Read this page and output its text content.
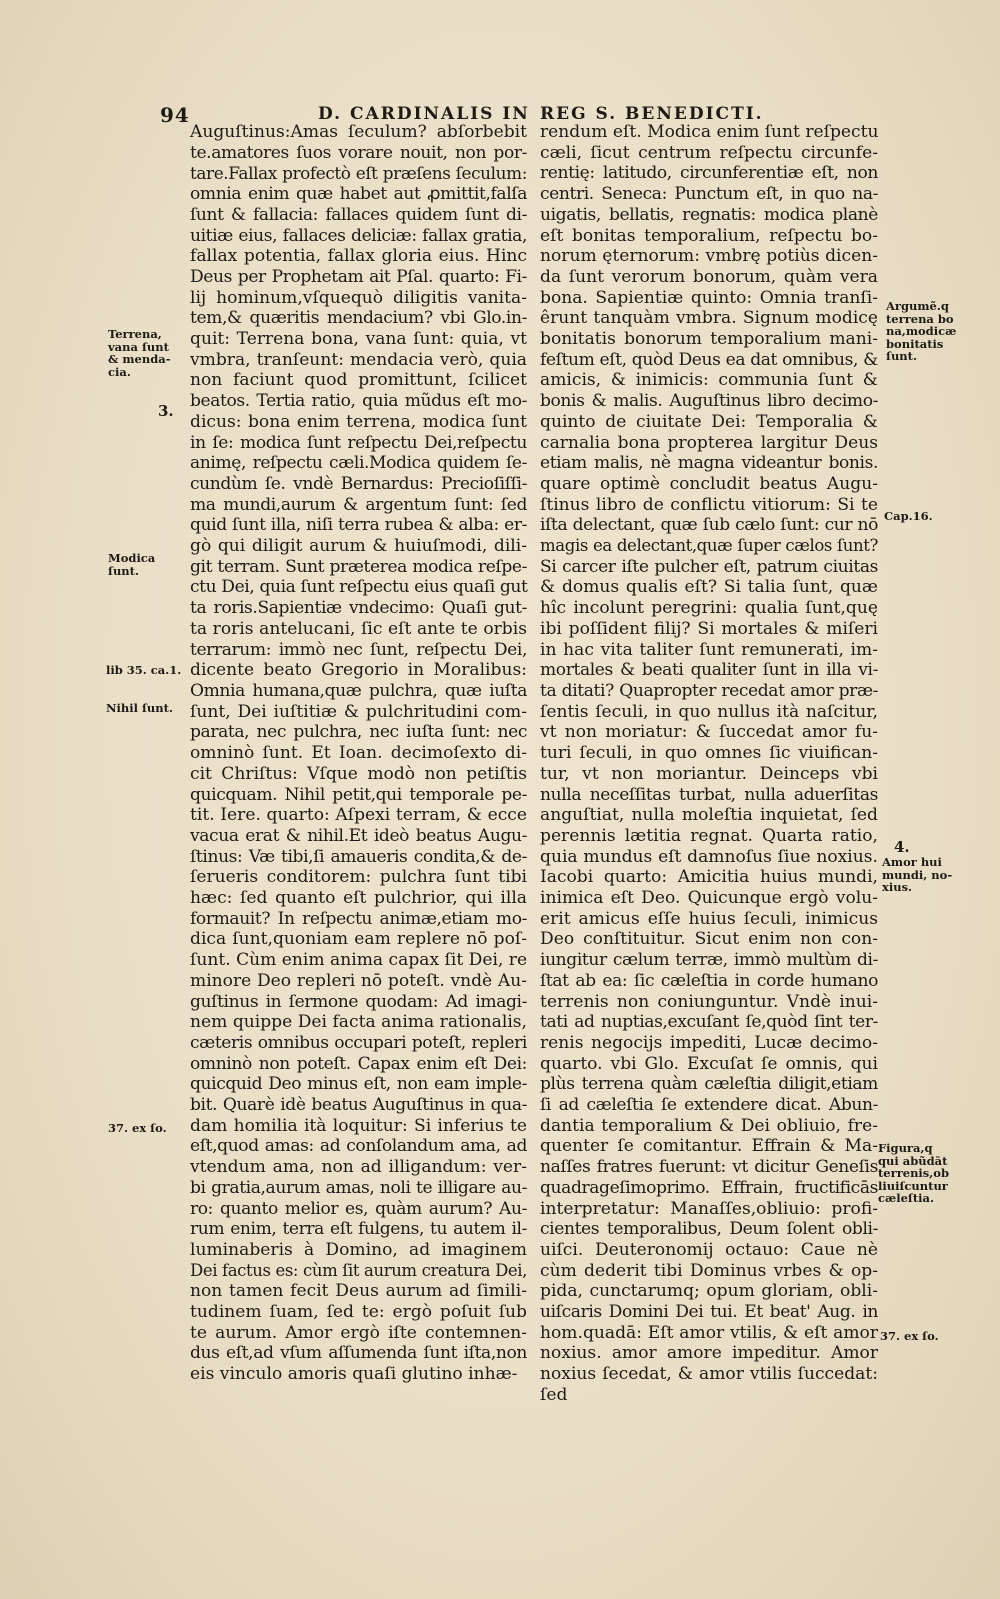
94	D. CARDINALIS IN REG S. BENEDICTI.
Auguſtinus:Amas ſeculum? abſorbebit
te.amatores ſuos vorare nouit, non por-
tare.Fallax profectò eſt præſens ſeculum:
omnia enim quæ habet aut ꝓmittit,falſa
ſunt & fallacia: fallaces quidem ſunt di-
uitiæ eius, fallaces deliciæ: fallax gratia,
fallax potentia, fallax gloria eius. Hinc
Deus per Prophetam ait Pſal. quarto: Fi-
lij hominum,vſquequò diligitis vanita-
tem,& quæritis mendacium? vbi Glo.in-
quit: Terrena bona, vana ſunt: quia, vt
vmbra, tranſeunt: mendacia verò, quia
non faciunt quod promittunt, ſcilicet
beatos. Tertia ratio, quia mũdus eſt mo-
dicus: bona enim terrena, modica ſunt
in ſe: modica ſunt reſpectu Dei,reſpectu
animę, reſpectu cæli.Modica quidem ſe-
cundùm ſe. vndè Bernardus: Precioſiſſi-
ma mundi,aurum & argentum ſunt: ſed
quid ſunt illa, niſi terra rubea & alba: er-
gò qui diligit aurum & huiuſmodi, dili-
git terram. Sunt præterea modica reſpe-
ctu Dei, quia ſunt reſpectu eius quaſi gut
ta roris.Sapientiæ vndecimo: Quaſi gut-
ta roris antelucani, ſic eſt ante te orbis
terrarum: immò nec ſunt, reſpectu Dei,
dicente beato Gregorio in Moralibus:
Omnia humana,quæ pulchra, quæ iuſta
ſunt, Dei iuſtitiæ & pulchritudini com-
parata, nec pulchra, nec iuſta ſunt: nec
omninò ſunt. Et Ioan. decimoſexto di-
cit Chriſtus: Vſque modò non petiſtis
quicquam. Nihil petit,qui temporale pe-
tit. Iere. quarto: Aſpexi terram, & ecce
vacua erat & nihil.Et ideò beatus Augu-
ſtinus: Væ tibi,ſi amaueris condita,& de-
ſerueris conditorem: pulchra ſunt tibi
hæc: ſed quanto eſt pulchrior, qui illa
formauit? In reſpectu animæ,etiam mo-
dica ſunt,quoniam eam replere nō poſ-
ſunt. Cùm enim anima capax ſit Dei, re
minore Deo repleri nō poteſt. vndè Au-
guſtinus in ſermone quodam: Ad imagi-
nem quippe Dei facta anima rationalis,
cæteris omnibus occupari poteſt, repleri
omninò non poteſt. Capax enim eſt Dei:
quicquid Deo minus eſt, non eam imple-
bit. Quarè idè beatus Auguſtinus in qua-
dam homilia ità loquitur: Si inferius te
eſt,quod amas: ad conſolandum ama, ad
vtendum ama, non ad illigandum: ver-
bi gratia,aurum amas, noli te illigare au-
ro: quanto melior es, quàm aurum? Au-
rum enim, terra eſt fulgens, tu autem il-
luminaberis à Domino, ad imaginem
Dei factus es: cùm ſit aurum creatura Dei,
non tamen fecit Deus aurum ad ſimili-
tudinem ſuam, ſed te: ergò poſuit ſub
te aurum. Amor ergò iſte contemnen-
dus eſt,ad vſum aſſumenda ſunt iſta,non
eis vinculo amoris quaſi glutino inhæ-
rendum eſt. Modica enim ſunt reſpectu
cæli, ſicut centrum reſpectu circunfe-
rentię: latitudo, circunferentiæ eſt, non
centri. Seneca: Punctum eſt, in quo na-
uigatis, bellatis, regnatis: modica planè
eſt bonitas temporalium, reſpectu bo-
norum ęternorum: vmbrę potiùs dicen-
da ſunt verorum bonorum, quàm vera
bona. Sapientiæ quinto: Omnia tranſi-
êrunt tanquàm vmbra. Signum modicę
bonitatis bonorum temporalium mani-
feſtum eſt, quòd Deus ea dat omnibus, &
amicis, & inimicis: communia ſunt &
bonis & malis. Auguſtinus libro decimo-
quinto de ciuitate Dei: Temporalia &
carnalia bona propterea largitur Deus
etiam malis, nè magna videantur bonis.
quare optimè concludit beatus Augu-
ſtinus libro de conflictu vitiorum: Si te
iſta delectant, quæ ſub cælo ſunt: cur nō
magis ea delectant,quæ ſuper cælos ſunt?
Si carcer iſte pulcher eſt, patrum ciuitas
& domus qualis eſt? Si talia ſunt, quæ
hîc incolunt peregrini: qualia ſunt,quę
ibi poſſident filij? Si mortales & miſeri
in hac vita taliter ſunt remunerati, im-
mortales & beati qualiter ſunt in illa vi-
ta ditati? Quapropter recedat amor præ-
ſentis ſeculi, in quo nullus ità naſcitur,
vt non moriatur: & ſuccedat amor fu-
turi ſeculi, in quo omnes ſic viuifican-
tur, vt non moriantur. Deinceps vbi
nulla neceſſitas turbat, nulla aduerſitas
anguſtiat, nulla moleſtia inquietat, ſed
perennis lætitia regnat. Quarta ratio,
quia mundus eſt damnoſus ſiue noxius.
Iacobi quarto: Amicitia huius mundi,
inimica eſt Deo. Quicunque ergò volu-
erit amicus eſſe huius ſeculi, inimicus
Deo conſtituitur. Sicut enim non con-
iungitur cælum terræ, immò multùm di-
ſtat ab ea: ſic cæleſtia in corde humano
terrenis non coniunguntur. Vndè inui-
tati ad nuptias,excuſant ſe,quòd ſint ter-
renis negocijs impediti, Lucæ decimo-
quarto. vbi Glo. Excuſat ſe omnis, qui
plùs terrena quàm cæleſtia diligit,etiam
ſi ad cæleſtia ſe extendere dicat. Abun-
dantia temporalium & Dei obliuio, fre-
quenter ſe comitantur. Effrain & Ma-
naſſes fratres fuerunt: vt dicitur Geneſis
quadrageſimoprimo. Effrain, fructificās
interpretatur: Manaſſes,obliuio: profi-
cientes temporalibus, Deum ſolent obli-
uiſci. Deuteronomij octauo: Caue nè
cùm dederit tibi Dominus vrbes & op-
pida, cunctarumq; opum gloriam, obli-
uiſcaris Domini Dei tui. Et beat' Aug. in
hom.quadā: Eſt amor vtilis, & eſt amor
noxius. amor amore impeditur. Amor
noxius ſecedat, & amor vtilis ſuccedat:
ſed
Terrena,
vana ſunt
& menda-
cia.
3.
Modica
ſunt.
lib 35. ca.1.
Nihil ſunt.
37. ex ſo.
Argumẽ.q
terrena bo
na,modicæ
bonitatis
ſunt.
Cap.16.
4.
Amor hui
mundi, no-
xius.
Figura,q
qui abũdāt
terrenis,ob
liuiſcuntur
cæleſtia.
37. ex ſo.
